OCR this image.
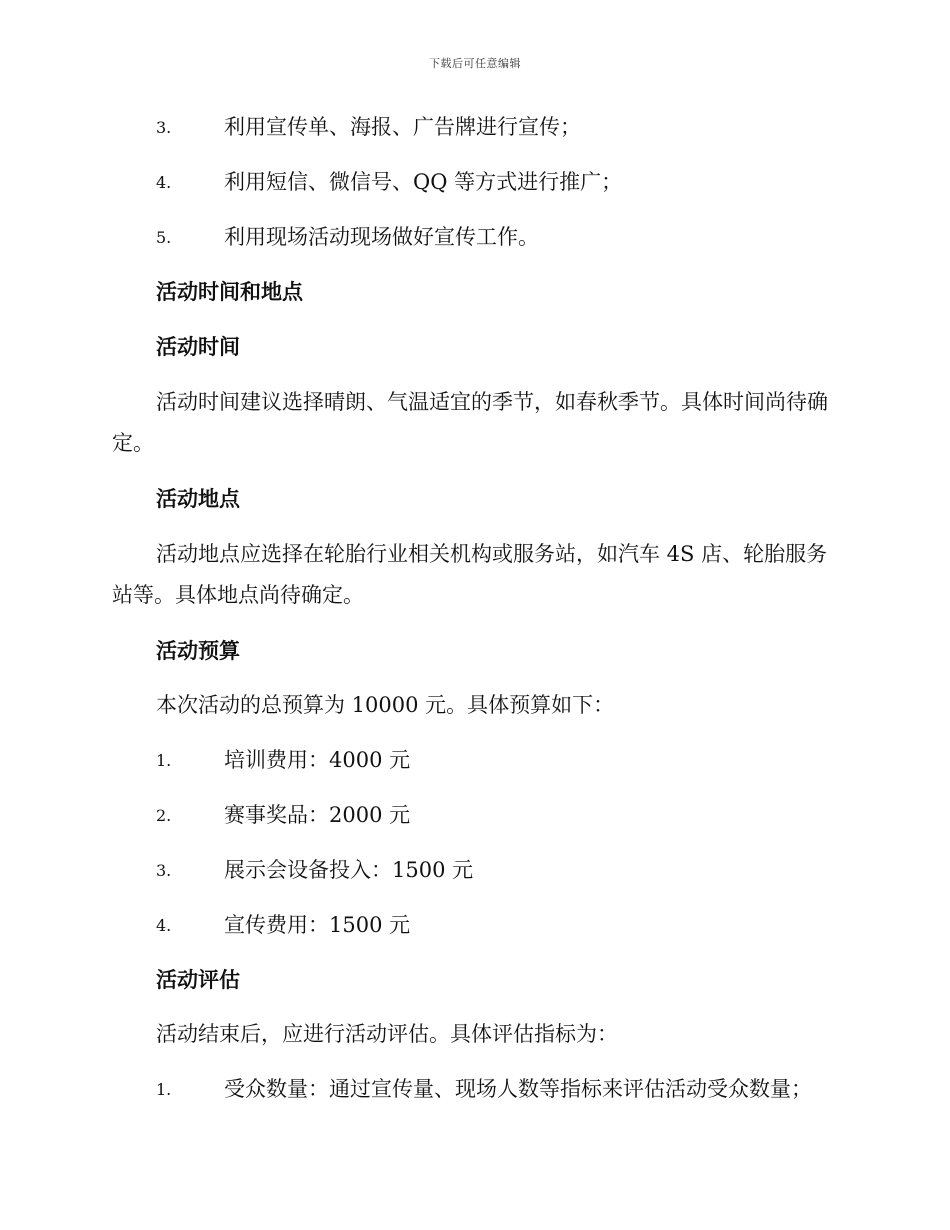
下载后可任意编辑
3.	利用宣传单、海报、广告牌进行宣传；
4.	利用短信、微信号、QQ 等方式进行推广；
5.	利用现场活动现场做好宣传工作。
活动时间和地点
活动时间
活动时间建议选择晴朗、气温适宜的季节，如春秋季节。具体时间尚待确定。
活动地点
活动地点应选择在轮胎行业相关机构或服务站，如汽车 4S 店、轮胎服务站等。具体地点尚待确定。
活动预算
本次活动的总预算为 10000 元。具体预算如下：
1.	培训费用：4000 元
2.	赛事奖品：2000 元
3.	展示会设备投入：1500 元
4.	宣传费用：1500 元
活动评估
活动结束后，应进行活动评估。具体评估指标为：
1.	受众数量：通过宣传量、现场人数等指标来评估活动受众数量；
